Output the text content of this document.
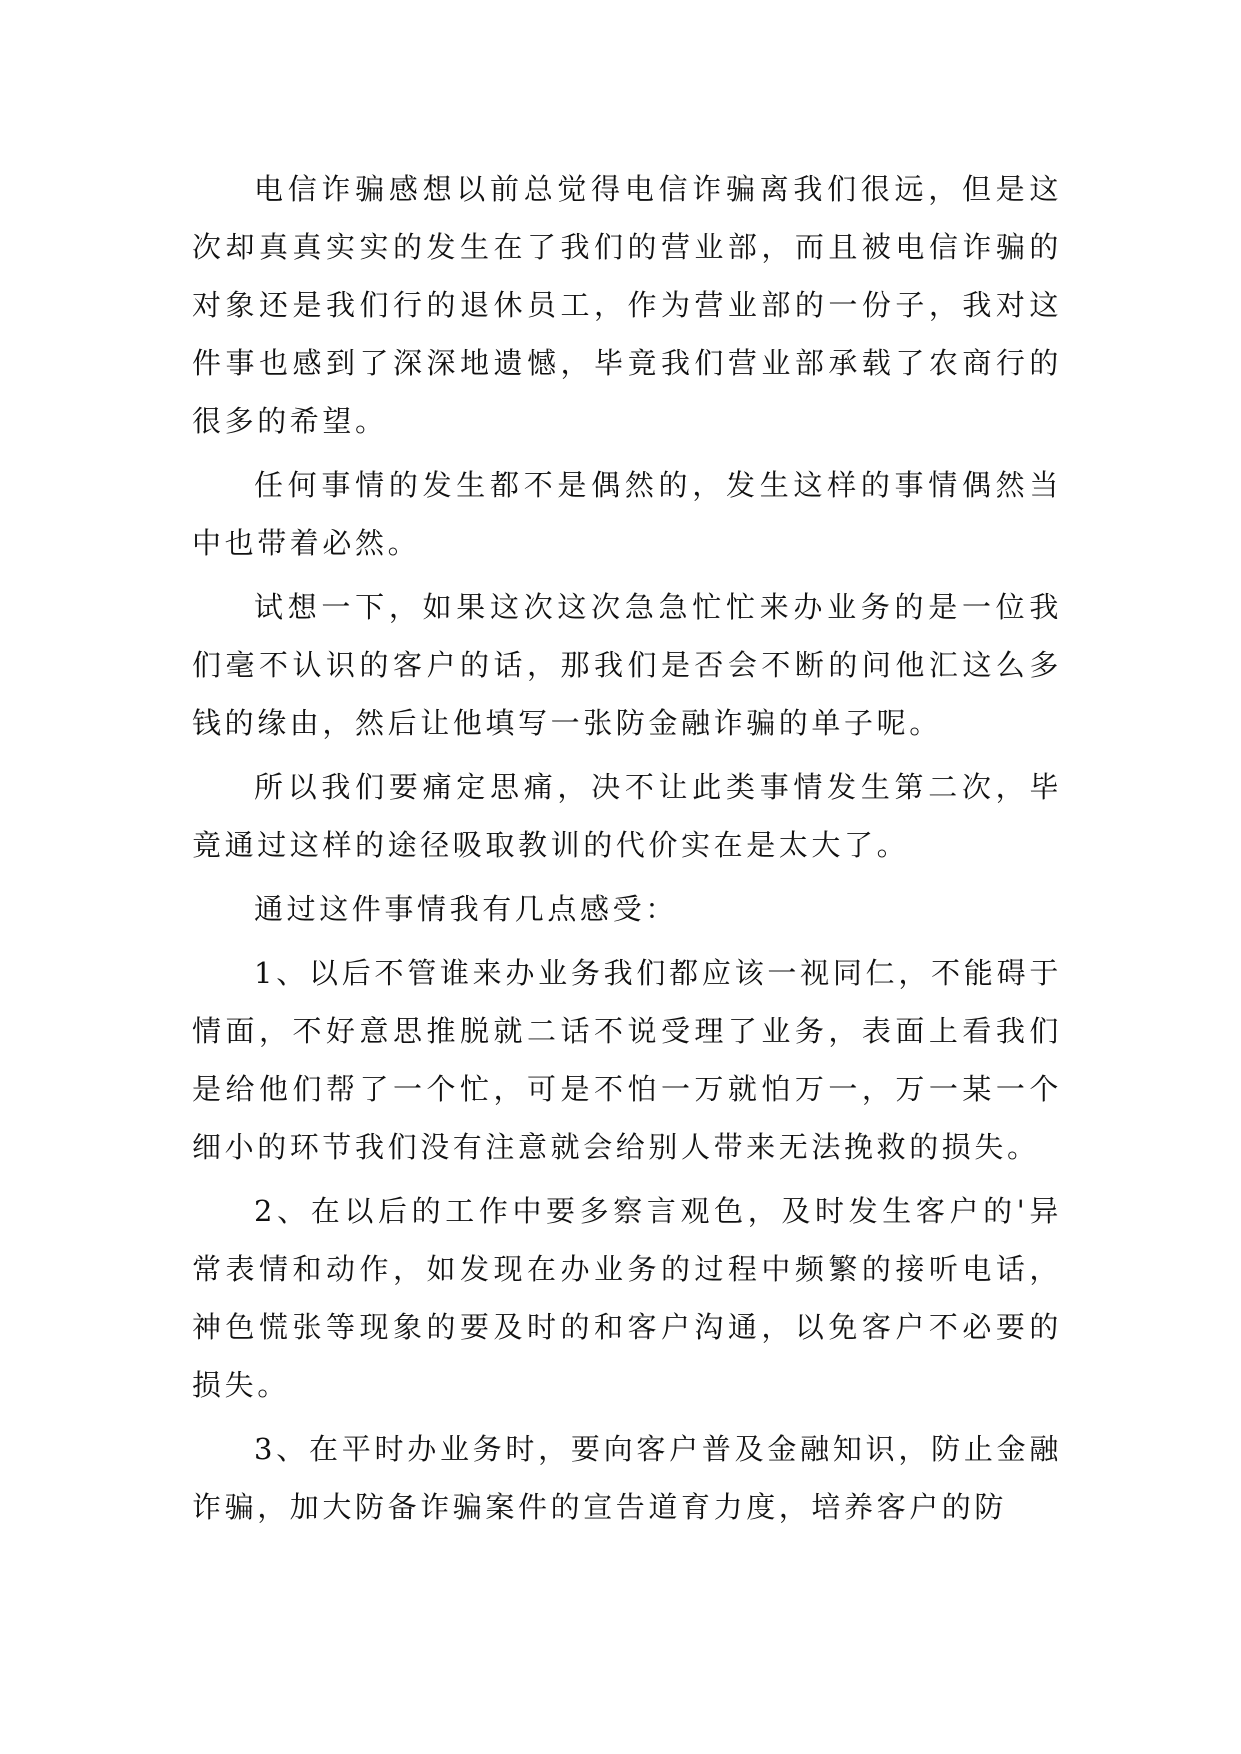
电信诈骗感想以前总觉得电信诈骗离我们很远，但是这次却真真实实的发生在了我们的营业部，而且被电信诈骗的对象还是我们行的退休员工，作为营业部的一份子，我对这件事也感到了深深地遗憾，毕竟我们营业部承载了农商行的很多的希望。

任何事情的发生都不是偶然的，发生这样的事情偶然当中也带着必然。

试想一下，如果这次这次急急忙忙来办业务的是一位我们毫不认识的客户的话，那我们是否会不断的问他汇这么多钱的缘由，然后让他填写一张防金融诈骗的单子呢。

所以我们要痛定思痛，决不让此类事情发生第二次，毕竟通过这样的途径吸取教训的代价实在是太大了。

通过这件事情我有几点感受：

1、以后不管谁来办业务我们都应该一视同仁，不能碍于情面，不好意思推脱就二话不说受理了业务，表面上看我们是给他们帮了一个忙，可是不怕一万就怕万一，万一某一个细小的环节我们没有注意就会给别人带来无法挽救的损失。

2、在以后的工作中要多察言观色，及时发生客户的'异常表情和动作，如发现在办业务的过程中频繁的接听电话，神色慌张等现象的要及时的和客户沟通，以免客户不必要的损失。

3、在平时办业务时，要向客户普及金融知识，防止金融诈骗，加大防备诈骗案件的宣告道育力度，培养客户的防
